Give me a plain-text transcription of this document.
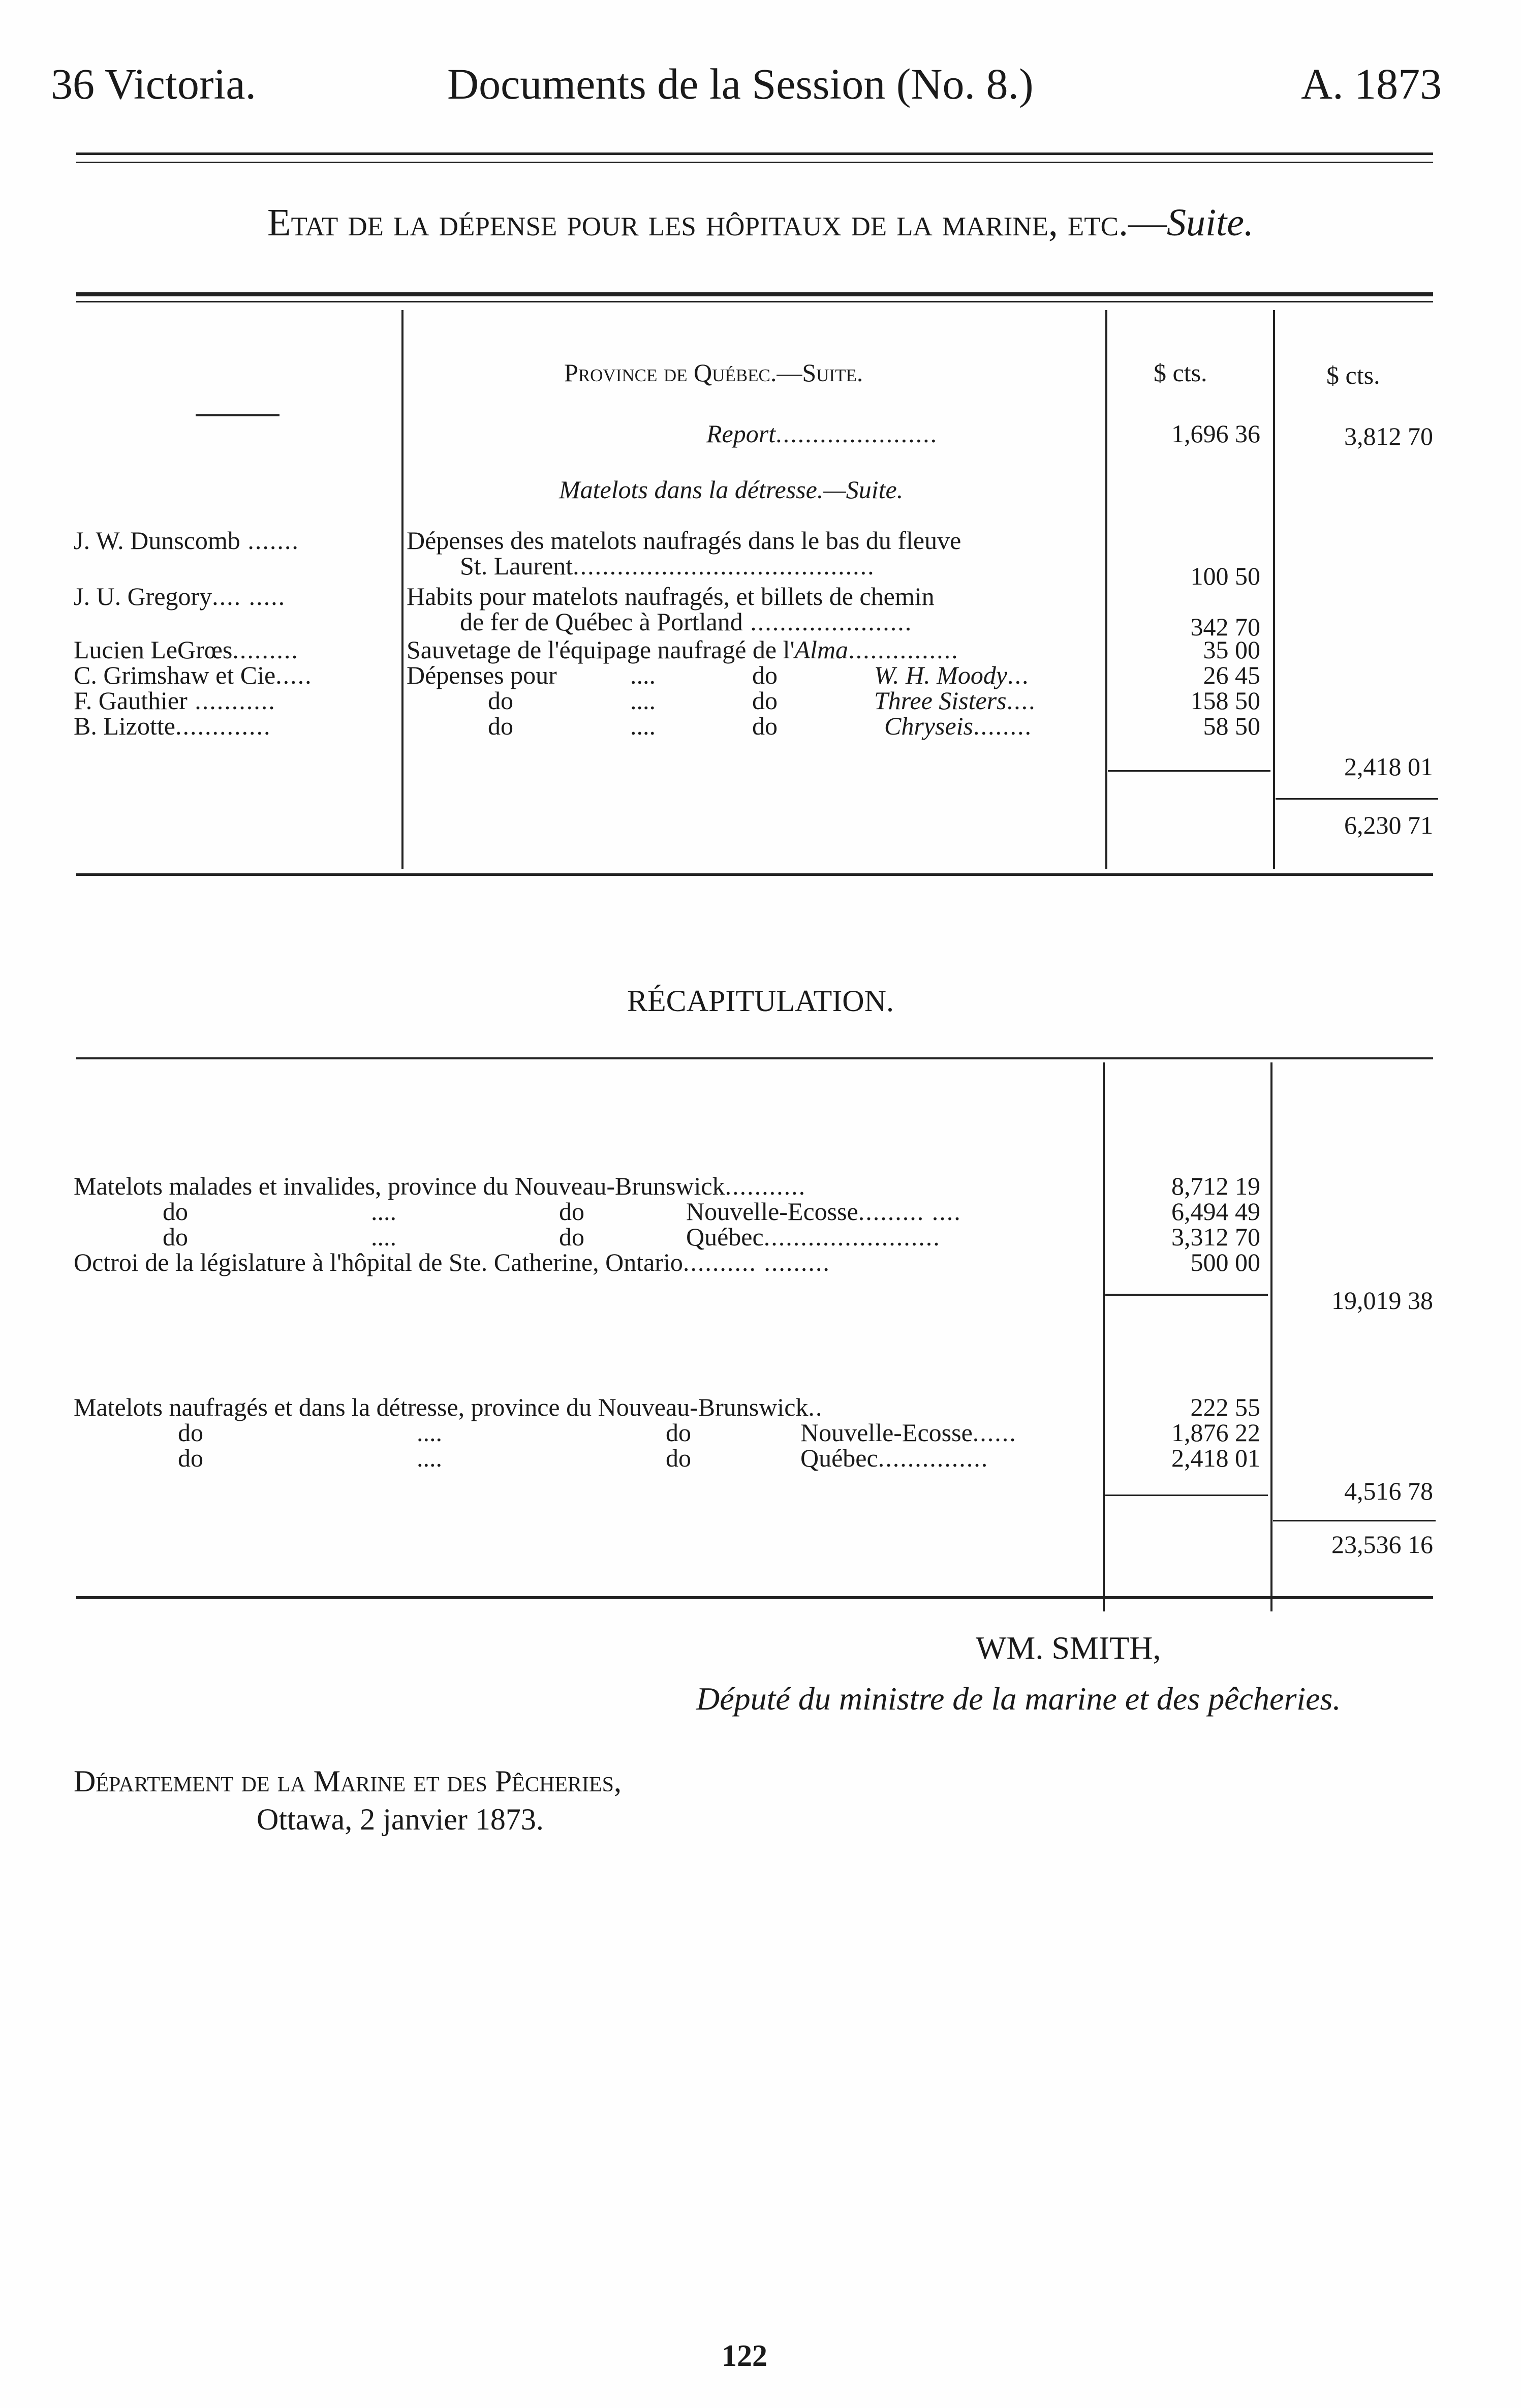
36 Victoria.	Documents de la Session (No. 8.)	A. 1873
Etat de la dépense pour les hôpitaux de la marine, etc.—Suite.
$ cts.	$ cts.
Province de Québec.—Suite.
Report......................	1,696 36	3,812 70
Matelots dans la détresse.—Suite.
J. W. Dunscomb .......	Dépenses des matelots naufragés dans le bas du fleuve
St. Laurent.........................................	100 50
J. U. Gregory.... .....	Habits pour matelots naufragés, et billets de chemin
de fer de Québec à Portland ......................	342 70
Lucien LeGrœs.........	Sauvetage de l'équipage naufragé de l'Alma...............	35 00
C. Grimshaw et Cie.....	Dépenses pour	....	do	W. H. Moody...	26 45
F. Gauthier ...........	do	....	do	Three Sisters....	158 50
B. Lizotte.............	do	....	do	Chryseis........	58 50
2,418 01
6,230 71
RÉCAPITULATION.
Matelots malades et invalides, province du Nouveau-Brunswick...........	8,712 19
do	....	do	Nouvelle-Ecosse......... ....	6,494 49
do	....	do	Québec........................	3,312 70
Octroi de la législature à l'hôpital de Ste. Catherine, Ontario.......... .........	500 00
19,019 38
Matelots naufragés et dans la détresse, province du Nouveau-Brunswick..	222 55
do	....	do	Nouvelle-Ecosse......	1,876 22
do	....	do	Québec...............	2,418 01
4,516 78
23,536 16
WM. SMITH,
Député du ministre de la marine et des pêcheries.
Département de la Marine et des Pêcheries,
Ottawa, 2 janvier 1873.
122
